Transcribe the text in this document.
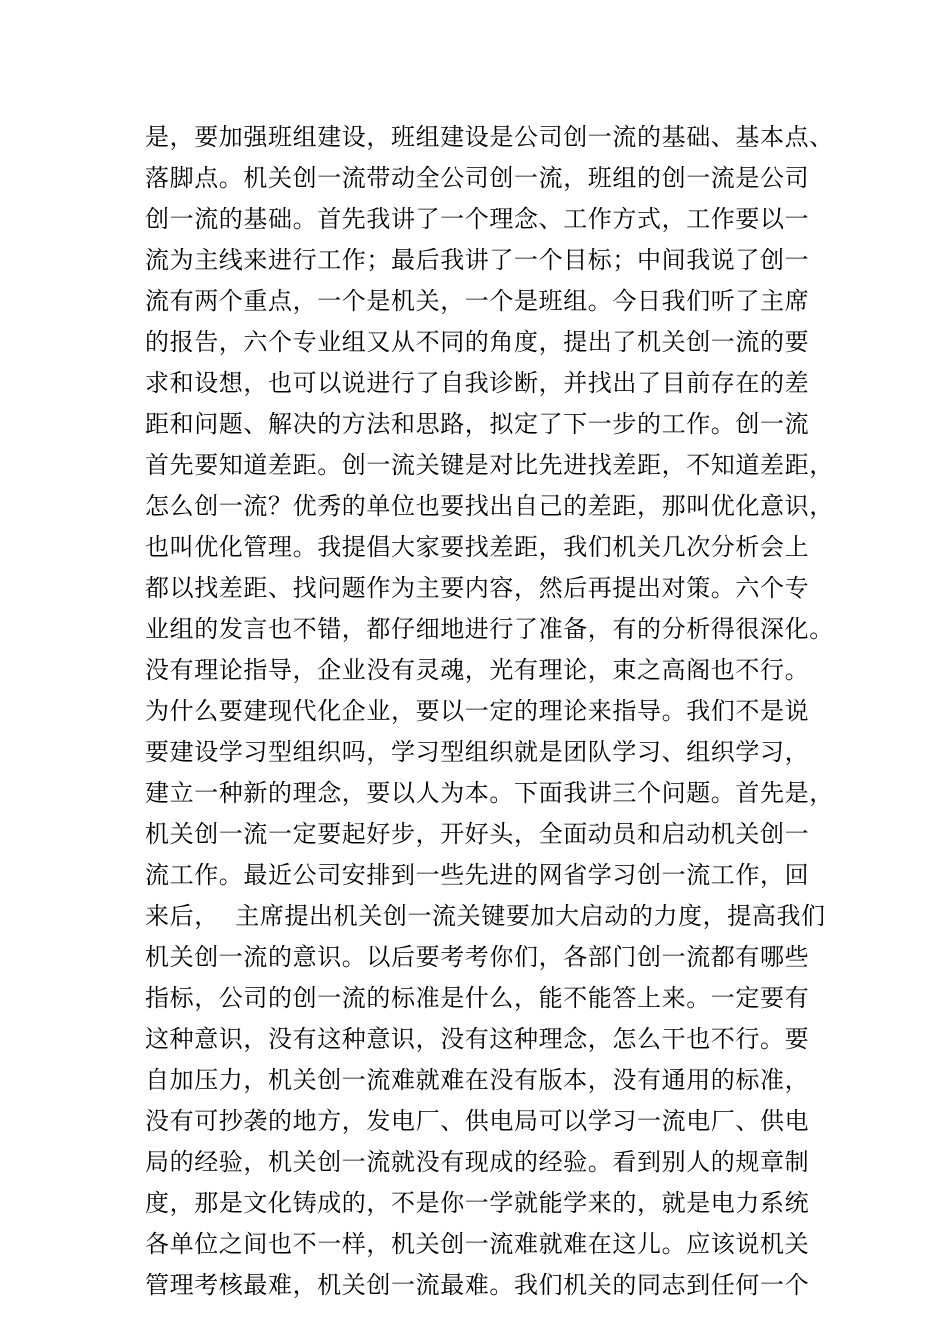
是，要加强班组建设，班组建设是公司创一流的基础、基本点、
落脚点。机关创一流带动全公司创一流，班组的创一流是公司
创一流的基础。首先我讲了一个理念、工作方式，工作要以一
流为主线来进行工作；最后我讲了一个目标；中间我说了创一
流有两个重点，一个是机关，一个是班组。今日我们听了主席
的报告，六个专业组又从不同的角度，提出了机关创一流的要
求和设想，也可以说进行了自我诊断，并找出了目前存在的差
距和问题、解决的方法和思路，拟定了下一步的工作。创一流
首先要知道差距。创一流关键是对比先进找差距，不知道差距，
怎么创一流？优秀的单位也要找出自己的差距，那叫优化意识，
也叫优化管理。我提倡大家要找差距，我们机关几次分析会上
都以找差距、找问题作为主要内容，然后再提出对策。六个专
业组的发言也不错，都仔细地进行了准备，有的分析得很深化。
没有理论指导，企业没有灵魂，光有理论，束之高阁也不行。
为什么要建现代化企业，要以一定的理论来指导。我们不是说
要建设学习型组织吗，学习型组织就是团队学习、组织学习，
建立一种新的理念，要以人为本。下面我讲三个问题。首先是，
机关创一流一定要起好步，开好头，全面动员和启动机关创一
流工作。最近公司安排到一些先进的网省学习创一流工作，回
来后，  主席提出机关创一流关键要加大启动的力度，提高我们
机关创一流的意识。以后要考考你们，各部门创一流都有哪些
指标，公司的创一流的标准是什么，能不能答上来。一定要有
这种意识，没有这种意识，没有这种理念，怎么干也不行。要
自加压力，机关创一流难就难在没有版本，没有通用的标准，
没有可抄袭的地方，发电厂、供电局可以学习一流电厂、供电
局的经验，机关创一流就没有现成的经验。看到别人的规章制
度，那是文化铸成的，不是你一学就能学来的，就是电力系统
各单位之间也不一样，机关创一流难就难在这儿。应该说机关
管理考核最难，机关创一流最难。我们机关的同志到任何一个
